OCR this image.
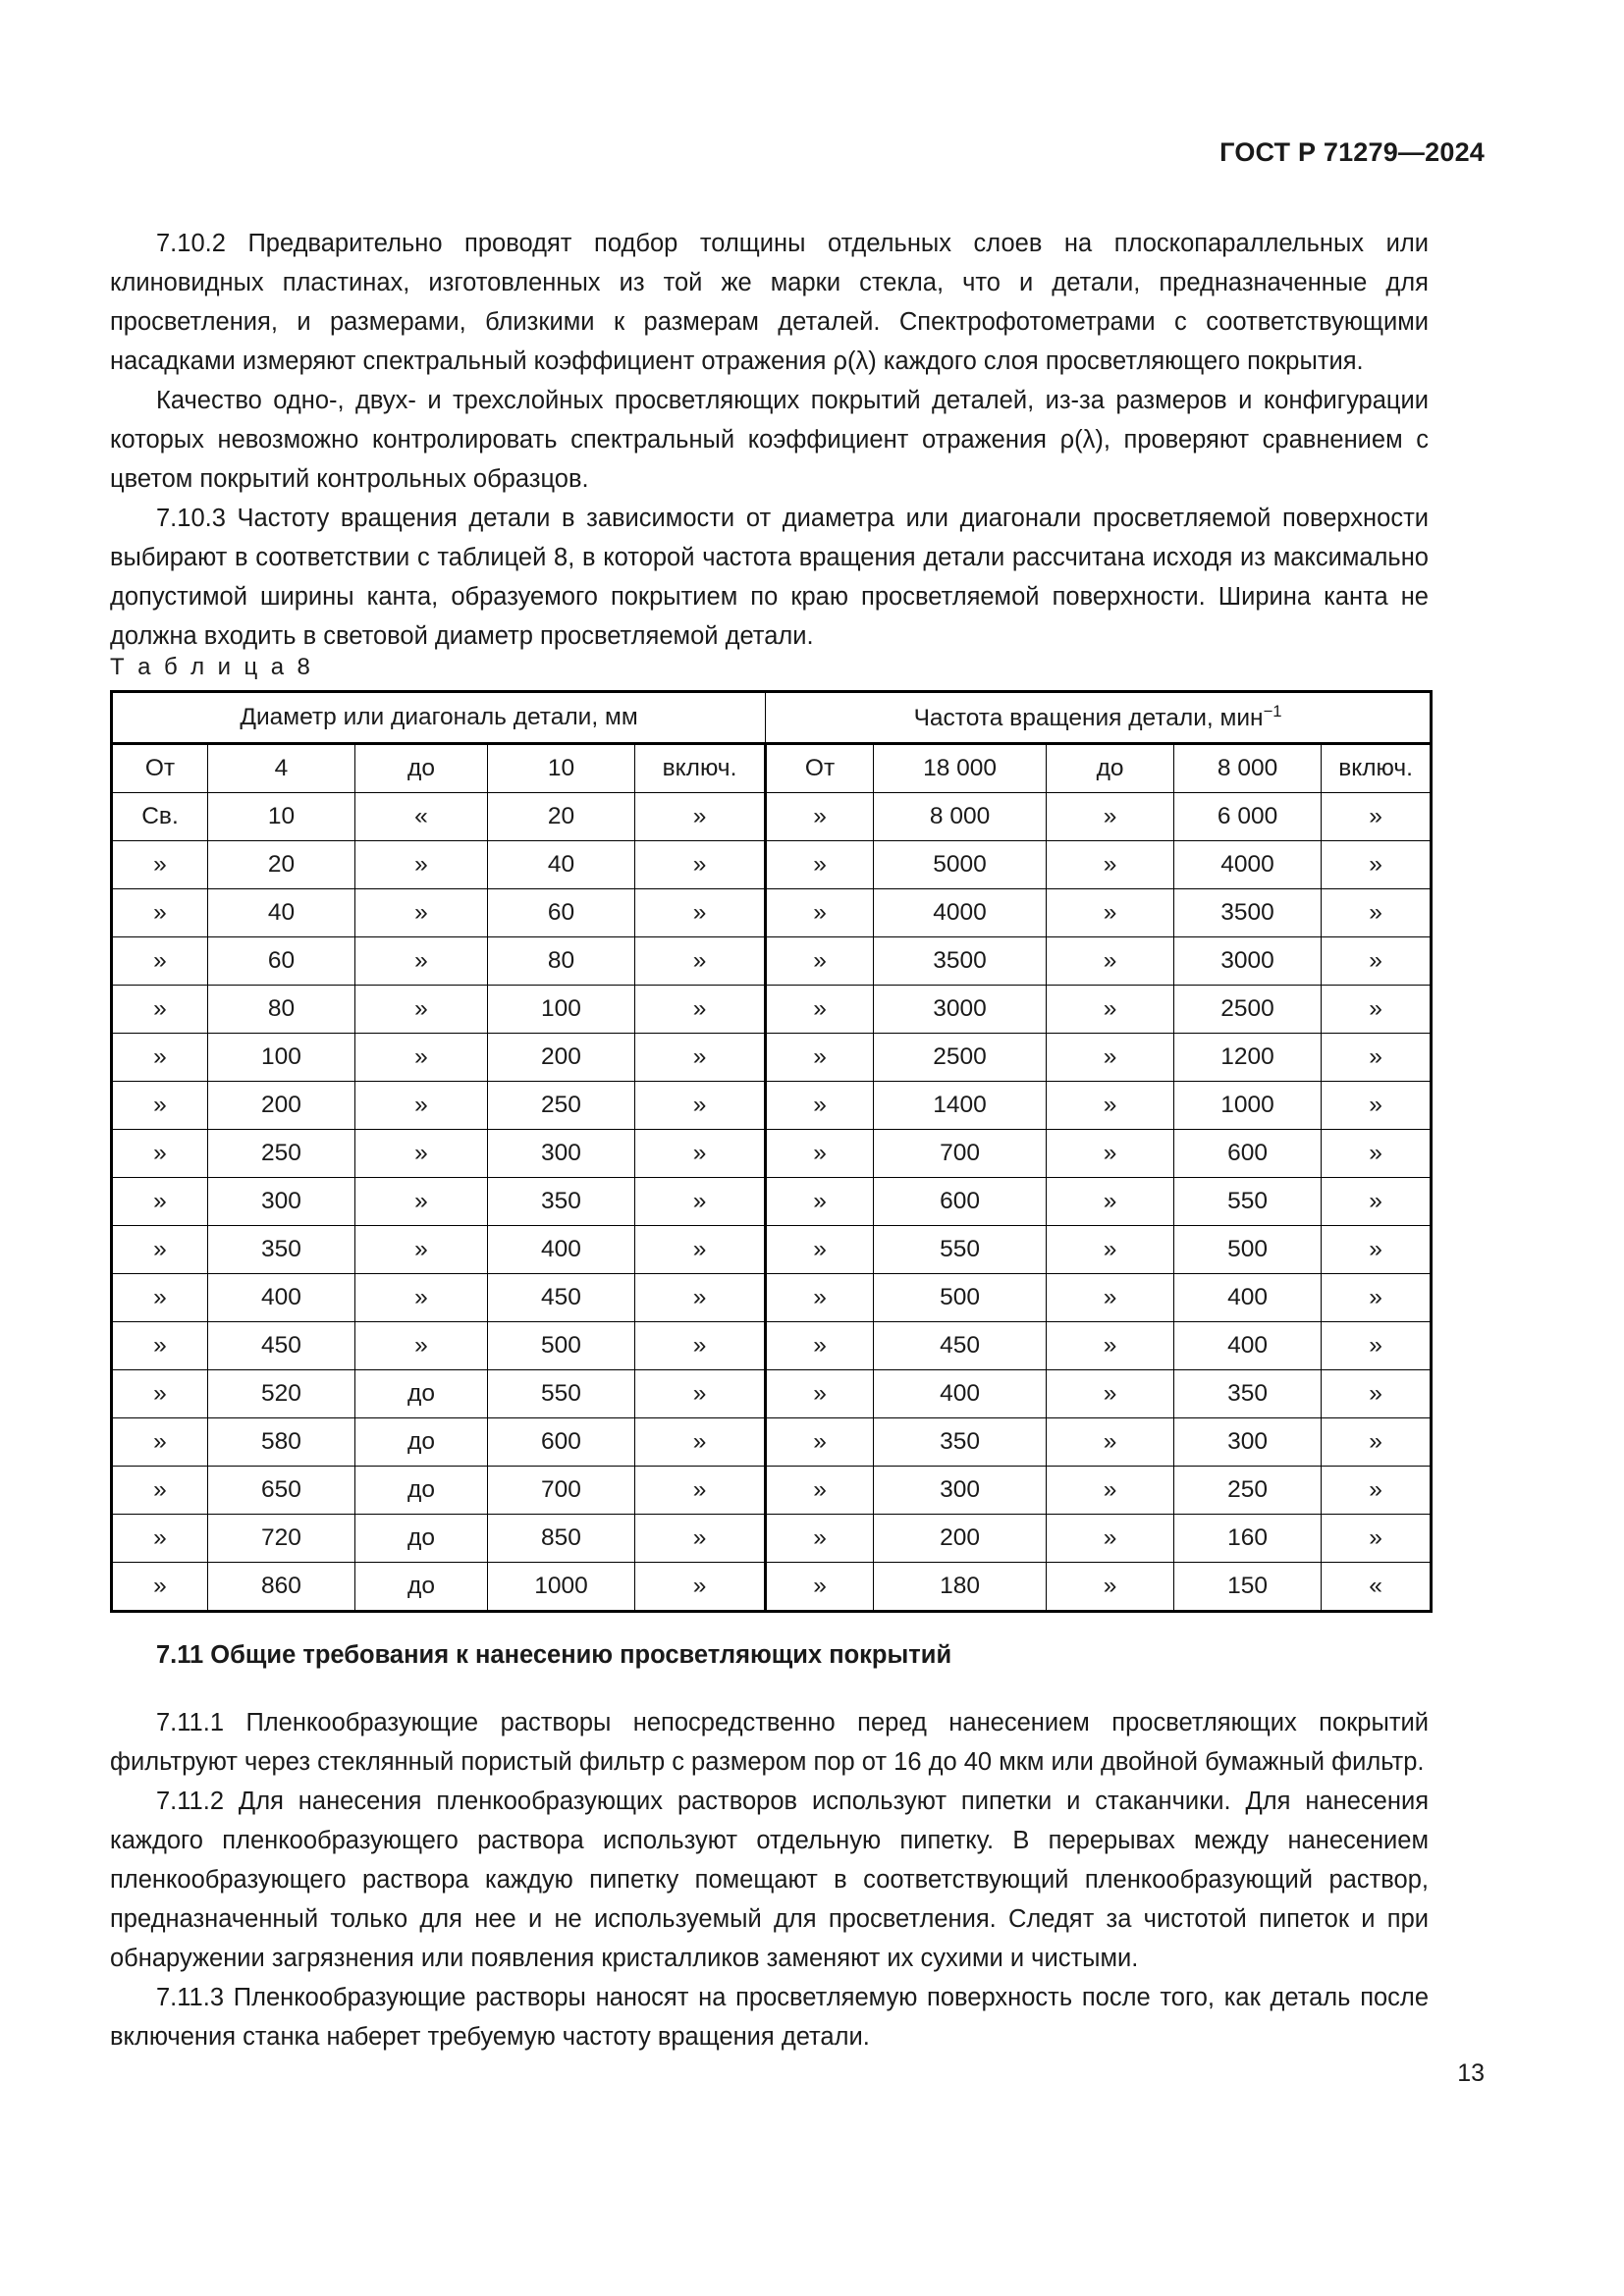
ГОСТ Р 71279—2024

7.10.2 Предварительно проводят подбор толщины отдельных слоев на плоскопараллельных или клиновидных пластинах, изготовленных из той же марки стекла, что и детали, предназначенные для просветления, и размерами, близкими к размерам деталей. Спектрофотометрами с соответствующими насадками измеряют спектральный коэффициент отражения ρ(λ) каждого слоя просветляющего покрытия.

Качество одно-, двух- и трехслойных просветляющих покрытий деталей, из-за размеров и конфигурации которых невозможно контролировать спектральный коэффициент отражения ρ(λ), проверяют сравнением с цветом покрытий контрольных образцов.

7.10.3 Частоту вращения детали в зависимости от диаметра или диагонали просветляемой поверхности выбирают в соответствии с таблицей 8, в которой частота вращения детали рассчитана исходя из максимально допустимой ширины канта, образуемого покрытием по краю просветляемой поверхности. Ширина канта не должна входить в световой диаметр просветляемой детали.

Т а б л и ц а 8
Диаметр или диагональ детали, мм					Частота вращения детали, мин$^{-1}$
От	4	до	10	включ.	От	18 000	до	8 000	включ.
Св.	10	«	20	»	»	8 000	»	6 000	»
»	20	»	40	»	»	5000	»	4000	»
»	40	»	60	»	»	4000	»	3500	»
»	60	»	80	»	»	3500	»	3000	»
»	80	»	100	»	»	3000	»	2500	»
»	100	»	200	»	»	2500	»	1200	»
»	200	»	250	»	»	1400	»	1000	»
»	250	»	300	»	»	700	»	600	»
»	300	»	350	»	»	600	»	550	»
»	350	»	400	»	»	550	»	500	»
»	400	»	450	»	»	500	»	400	»
»	450	»	500	»	»	450	»	400	»
»	520	до	550	»	»	400	»	350	»
»	580	до	600	»	»	350	»	300	»
»	650	до	700	»	»	300	»	250	»
»	720	до	850	»	»	200	»	160	»
»	860	до	1000	»	»	180	»	150	«
7.11 Общие требования к нанесению просветляющих покрытий

7.11.1 Пленкообразующие растворы непосредственно перед нанесением просветляющих покрытий фильтруют через стеклянный пористый фильтр с размером пор от 16 до 40 мкм или двойной бумажный фильтр.

7.11.2 Для нанесения пленкообразующих растворов используют пипетки и стаканчики. Для нанесения каждого пленкообразующего раствора используют отдельную пипетку. В перерывах между нанесением пленкообразующего раствора каждую пипетку помещают в соответствующий пленкообразующий раствор, предназначенный только для нее и не используемый для просветления. Следят за чистотой пипеток и при обнаружении загрязнения или появления кристалликов заменяют их сухими и чистыми.

7.11.3 Пленкообразующие растворы наносят на просветляемую поверхность после того, как деталь после включения станка наберет требуемую частоту вращения детали.

13
